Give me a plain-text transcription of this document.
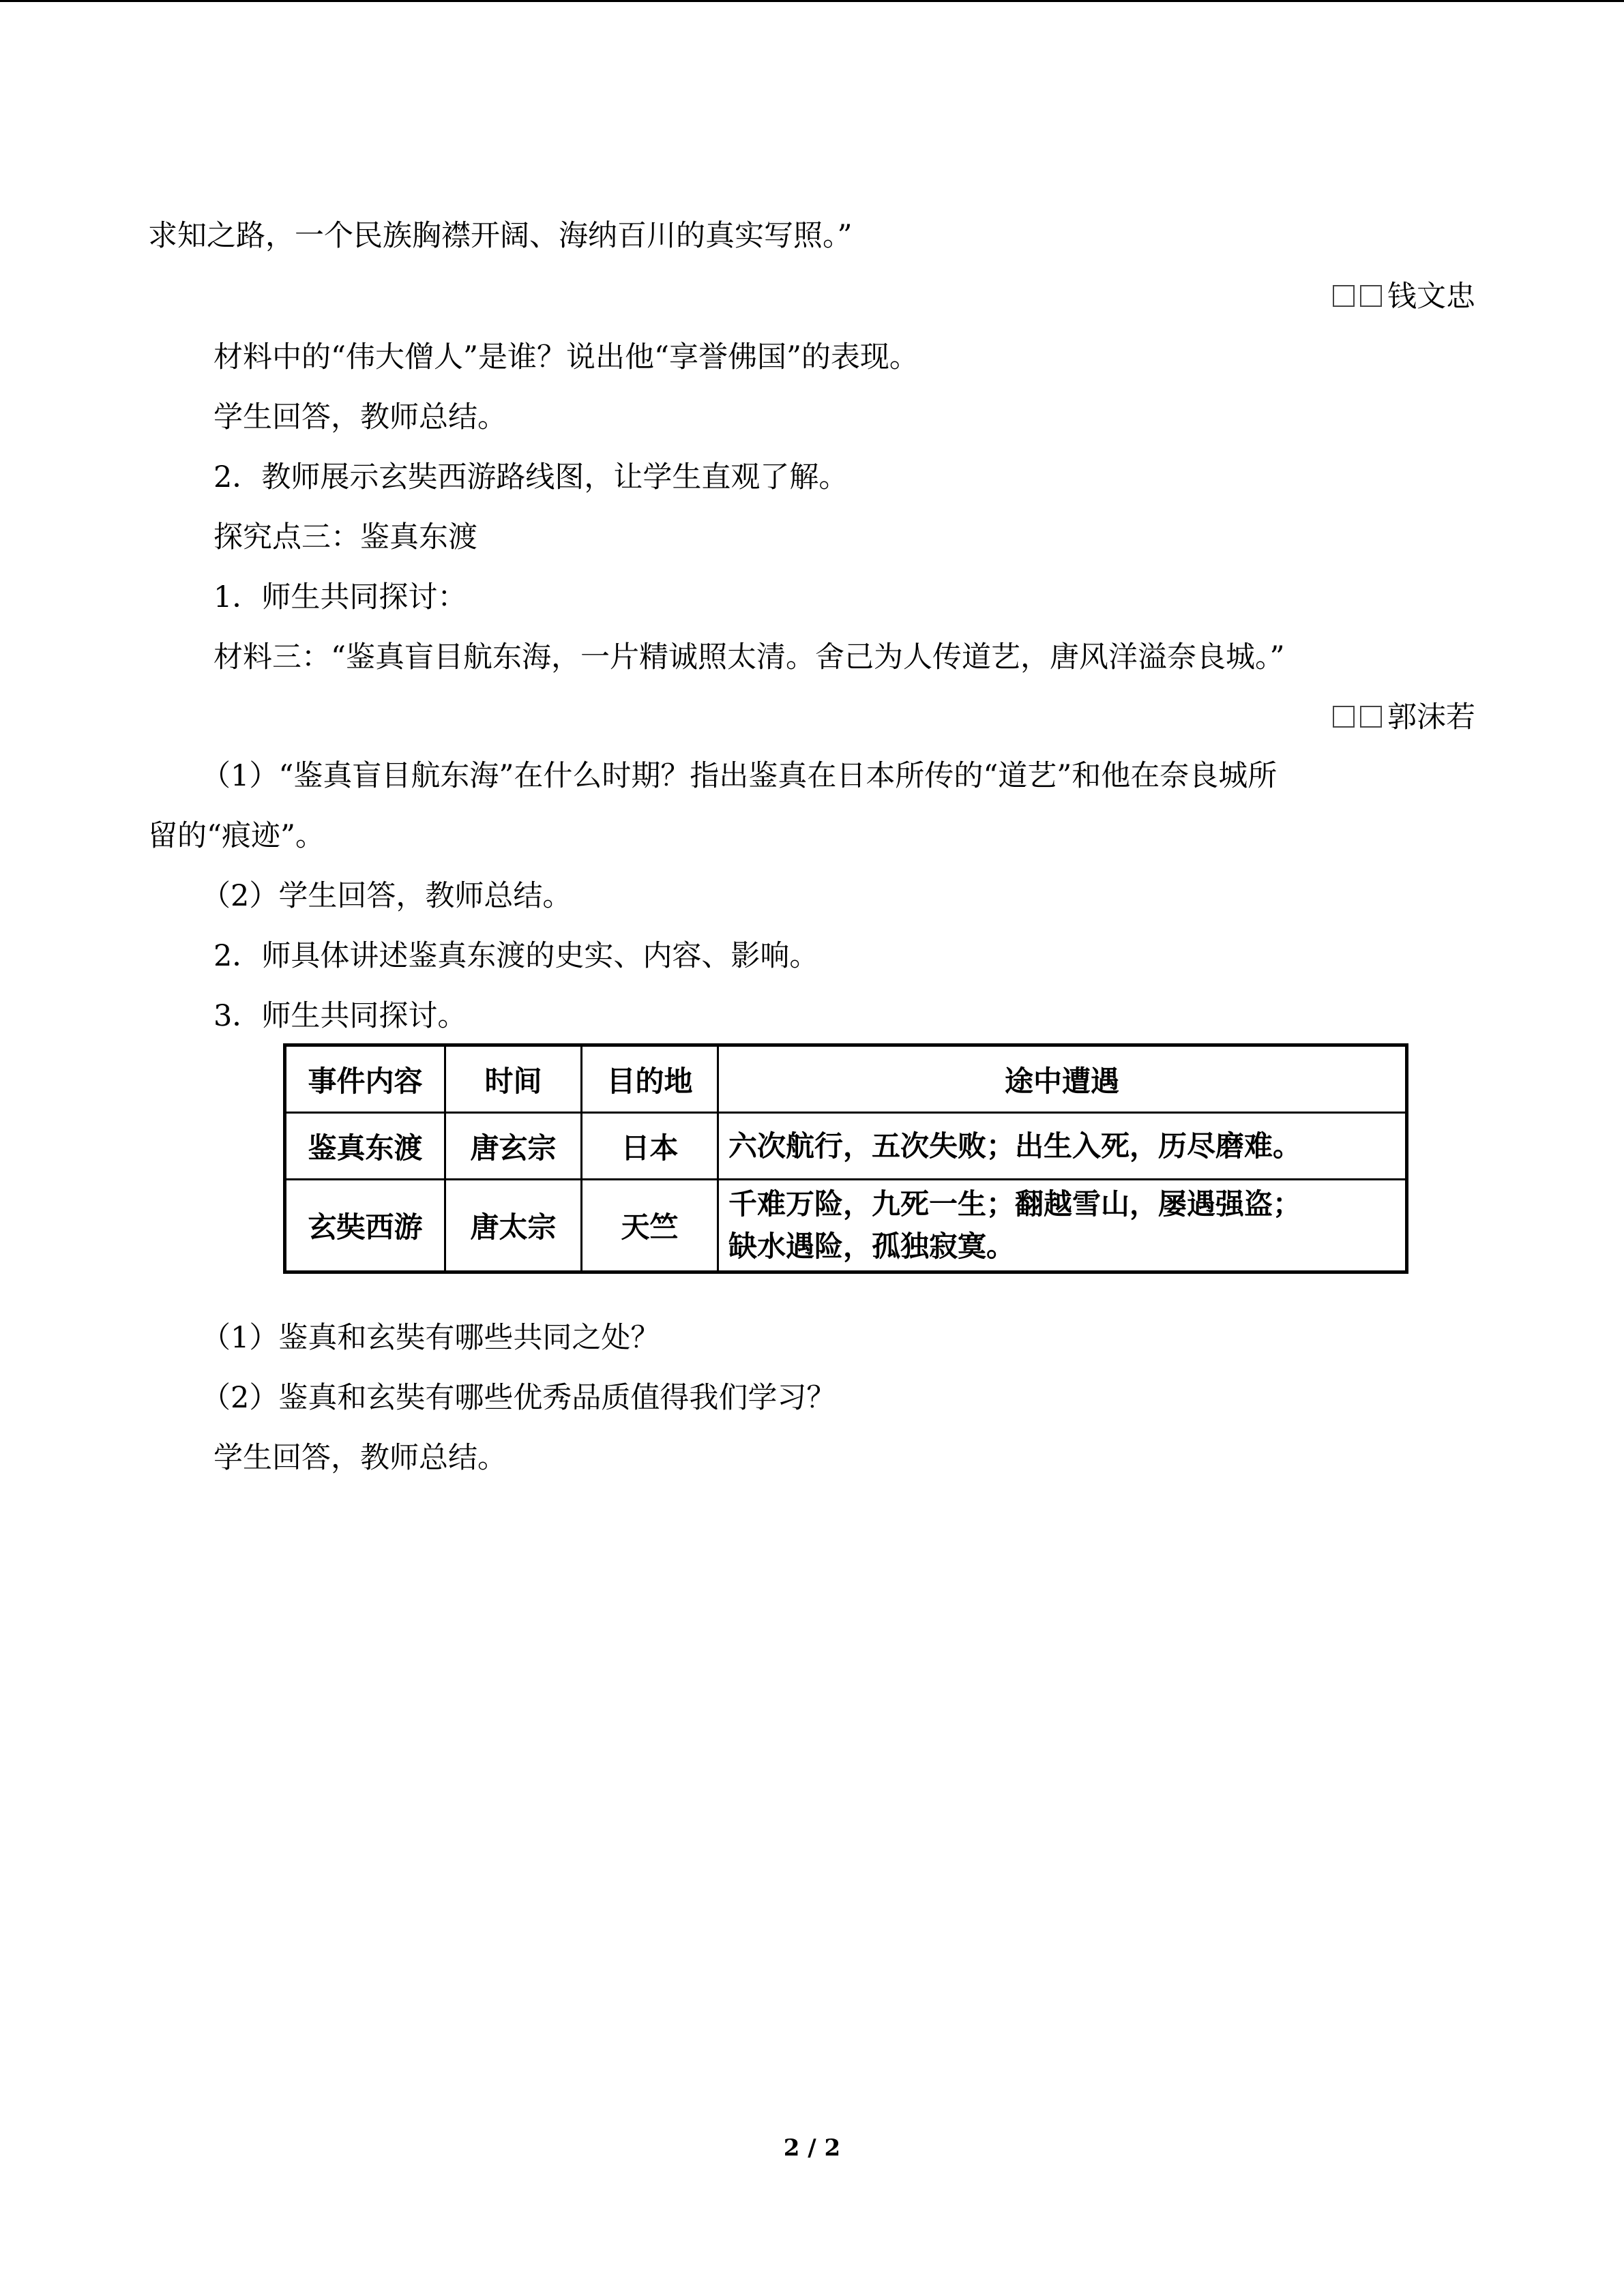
求知之路，一个民族胸襟开阔、海纳百川的真实写照。”
钱文忠
材料中的“伟大僧人”是谁？说出他“享誉佛国”的表现。
学生回答，教师总结。
2．教师展示玄奘西游路线图，让学生直观了解。
探究点三：鉴真东渡
1．师生共同探讨：
材料三：“鉴真盲目航东海，一片精诚照太清。舍己为人传道艺，唐风洋溢奈良城。”
郭沫若
（1）“鉴真盲目航东海”在什么时期？指出鉴真在日本所传的“道艺”和他在奈良城所
留的“痕迹”。
（2）学生回答，教师总结。
2．师具体讲述鉴真东渡的史实、内容、影响。
3．师生共同探讨。
事件内容	时间	目的地	途中遭遇
鉴真东渡	唐玄宗	日本	六次航行，五次失败；出生入死，历尽磨难。
玄奘西游	唐太宗	天竺	千难万险，九死一生；翻越雪山，屡遇强盗；
缺水遇险，孤独寂寞。
（1）鉴真和玄奘有哪些共同之处？
（2）鉴真和玄奘有哪些优秀品质值得我们学习？
学生回答，教师总结。
2 / 2
